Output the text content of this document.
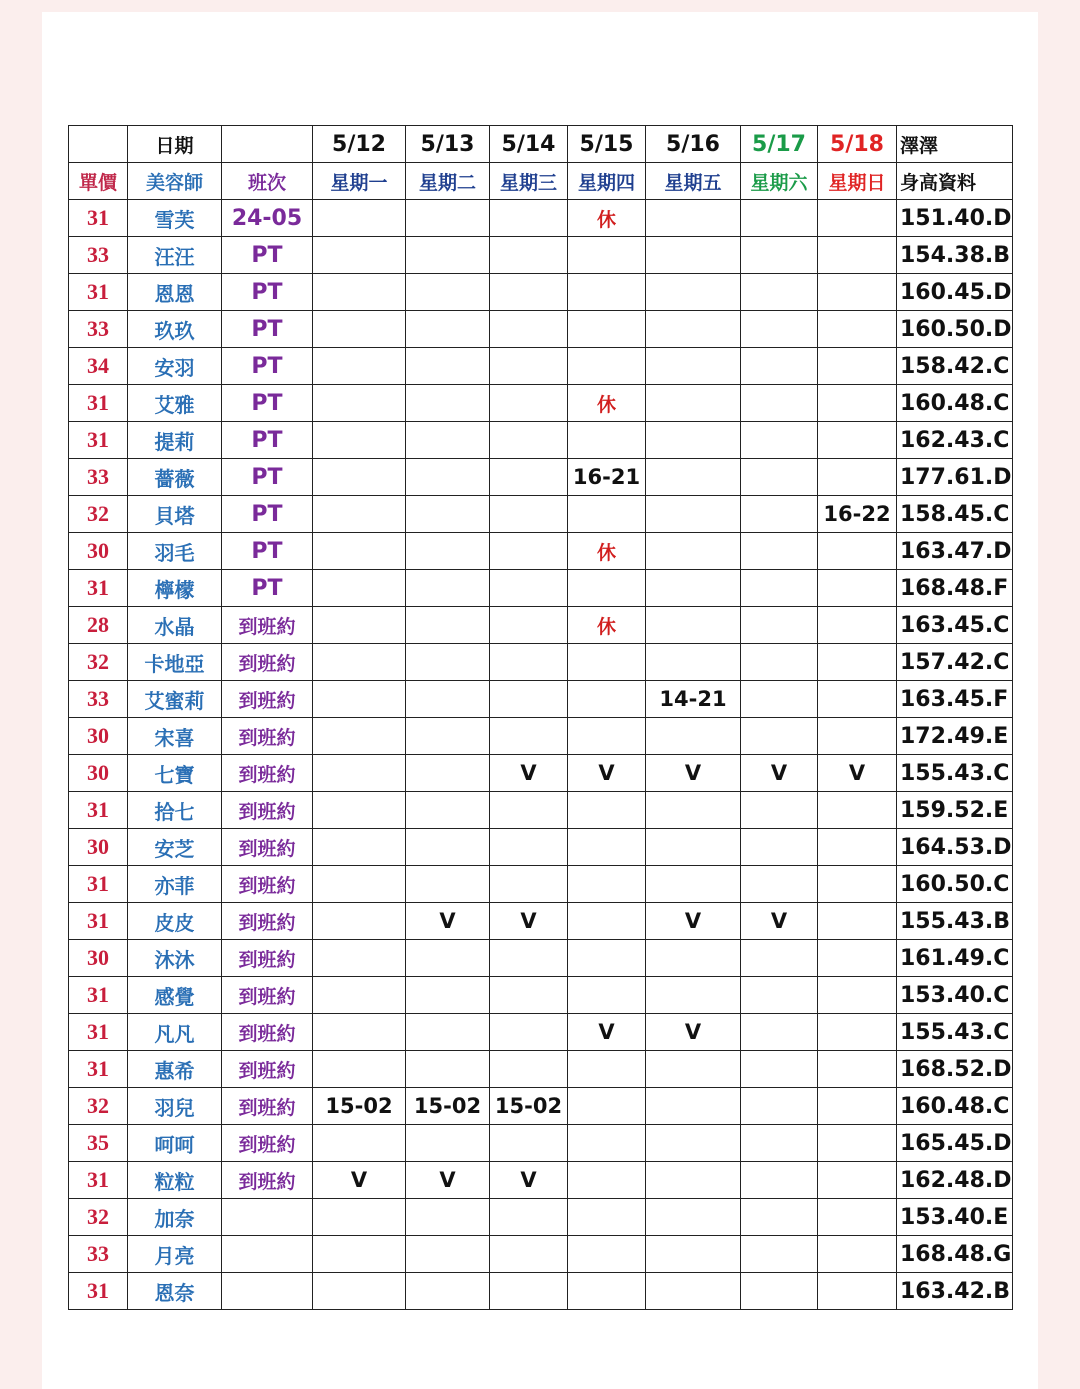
	日期		5/12	5/13	5/14	5/15	5/16	5/17	5/18	澤澤
單價	美容師	班次	星期一	星期二	星期三	星期四	星期五	星期六	星期日	身高資料
31	雪芙	24-05				休				151.40.D
33	汪汪	PT								154.38.B
31	恩恩	PT								160.45.D
33	玖玖	PT								160.50.D
34	安羽	PT								158.42.C
31	艾雅	PT				休				160.48.C
31	提莉	PT								162.43.C
33	薔薇	PT				16-21				177.61.D
32	貝塔	PT							16-22	158.45.C
30	羽毛	PT				休				163.47.D
31	檸檬	PT								168.48.F
28	水晶	到班約				休				163.45.C
32	卡地亞	到班約								157.42.C
33	艾蜜莉	到班約					14-21			163.45.F
30	宋喜	到班約								172.49.E
30	七寶	到班約			V	V	V	V	V	155.43.C
31	拾七	到班約								159.52.E
30	安芝	到班約								164.53.D
31	亦菲	到班約								160.50.C
31	皮皮	到班約		V	V		V	V		155.43.B
30	沐沐	到班約								161.49.C
31	感覺	到班約								153.40.C
31	凡凡	到班約				V	V			155.43.C
31	惠希	到班約								168.52.D
32	羽兒	到班約	15-02	15-02	15-02					160.48.C
35	呵呵	到班約								165.45.D
31	粒粒	到班約	V	V	V					162.48.D
32	加奈									153.40.E
33	月亮									168.48.G
31	恩奈									163.42.B
